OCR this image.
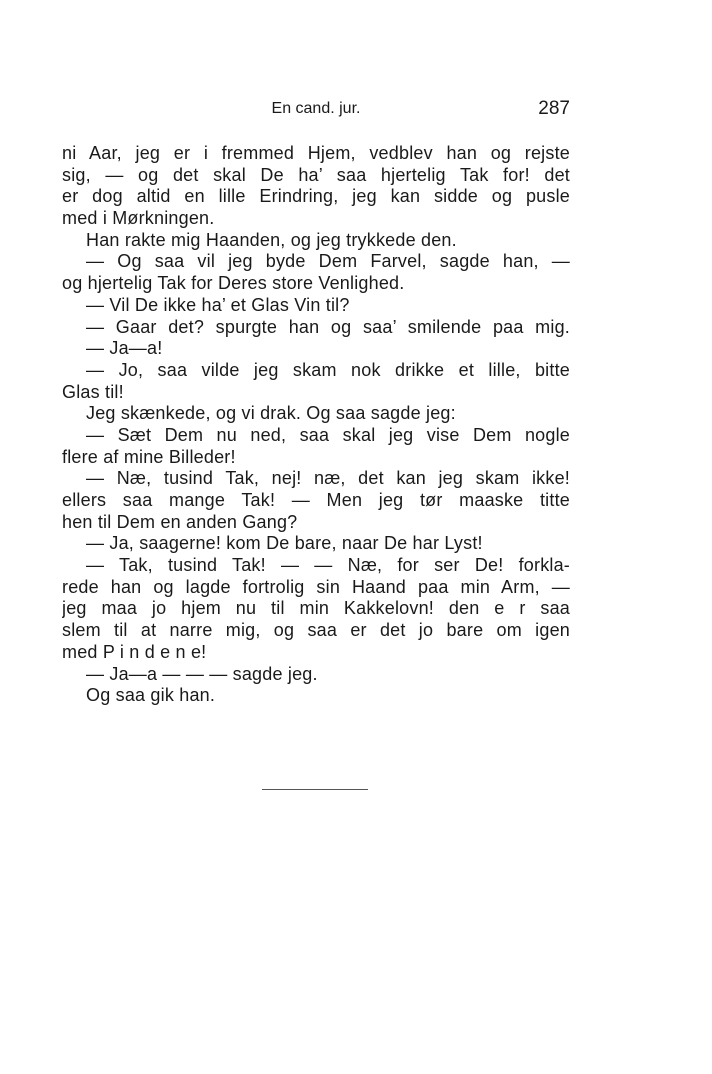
En cand. jur.	287
ni Aar, jeg er i fremmed Hjem, vedblev han og rejste
sig, — og det skal De ha’ saa hjertelig Tak for! det
er dog altid en lille Erindring, jeg kan sidde og pusle
med i Mørkningen.
Han rakte mig Haanden, og jeg trykkede den.
— Og saa vil jeg byde Dem Farvel, sagde han, —
og hjertelig Tak for Deres store Venlighed.
— Vil De ikke ha’ et Glas Vin til?
— Gaar det? spurgte han og saa’ smilende paa mig.
— Ja—a!
— Jo, saa vilde jeg skam nok drikke et lille, bitte
Glas til!
Jeg skænkede, og vi drak. Og saa sagde jeg:
— Sæt Dem nu ned, saa skal jeg vise Dem nogle
flere af mine Billeder!
— Næ, tusind Tak, nej! næ, det kan jeg skam ikke!
ellers saa mange Tak! — Men jeg tør maaske titte
hen til Dem en anden Gang?
— Ja, saagerne! kom De bare, naar De har Lyst!
— Tak, tusind Tak! — — Næ, for ser De! forkla-
rede han og lagde fortrolig sin Haand paa min Arm, —
jeg maa jo hjem nu til min Kakkelovn! den e r saa
slem til at narre mig, og saa er det jo bare om igen
med P i n d e n e!
— Ja—a — — — sagde jeg.
Og saa gik han.
